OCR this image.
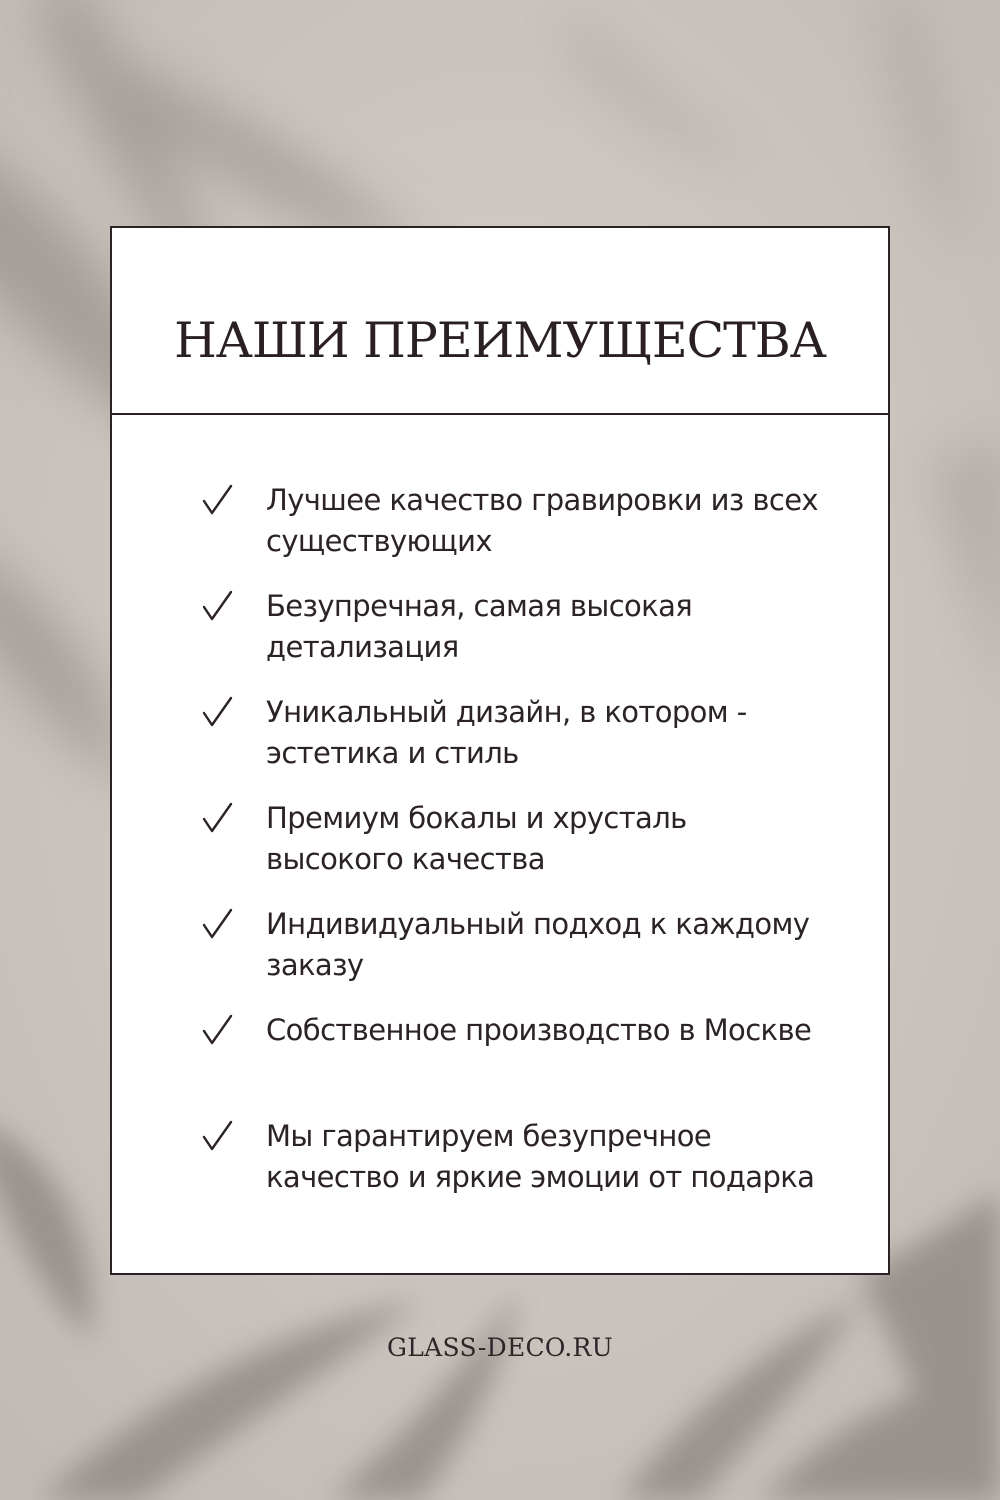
НАШИ ПРЕИМУЩЕСТВА
Лучшее качество гравировки из всех существующих
Безупречная, самая высокая детализация
Уникальный дизайн, в котором - эстетика и стиль
Премиум бокалы и хрусталь высокого качества
Индивидуальный подход к каждому заказу
Собственное производство в Москве
Мы гарантируем безупречное качество и яркие эмоции от подарка
GLASS-DECO.RU
